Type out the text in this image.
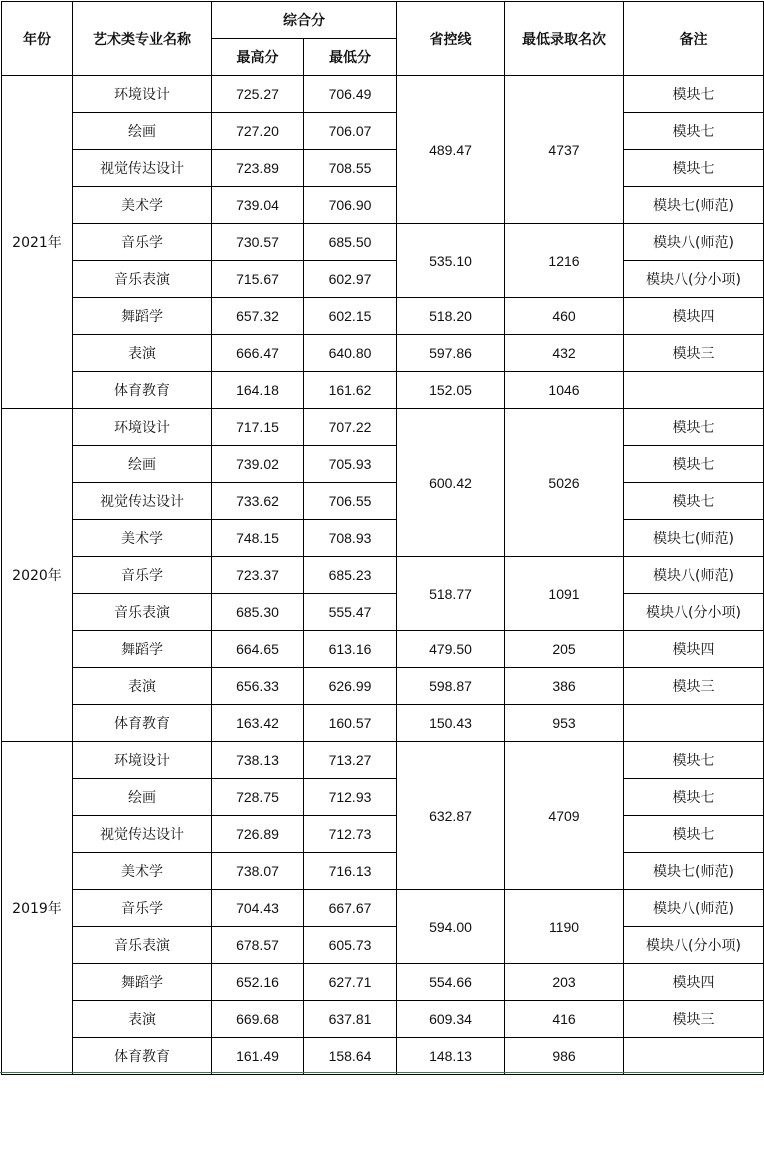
年份	艺术类专业名称	综合分		省控线	最低录取名次	备注
		最高分	最低分			
2021年	环境设计	725.27	706.49	489.47	4737	模块七
	绘画	727.20	706.07			模块七
	视觉传达设计	723.89	708.55			模块七
	美术学	739.04	706.90			模块七(师范)
	音乐学	730.57	685.50	535.10	1216	模块八(师范)
	音乐表演	715.67	602.97			模块八(分小项)
	舞蹈学	657.32	602.15	518.20	460	模块四
	表演	666.47	640.80	597.86	432	模块三
	体育教育	164.18	161.62	152.05	1046	
2020年	环境设计	717.15	707.22	600.42	5026	模块七
	绘画	739.02	705.93			模块七
	视觉传达设计	733.62	706.55			模块七
	美术学	748.15	708.93			模块七(师范)
	音乐学	723.37	685.23	518.77	1091	模块八(师范)
	音乐表演	685.30	555.47			模块八(分小项)
	舞蹈学	664.65	613.16	479.50	205	模块四
	表演	656.33	626.99	598.87	386	模块三
	体育教育	163.42	160.57	150.43	953	
2019年	环境设计	738.13	713.27	632.87	4709	模块七
	绘画	728.75	712.93			模块七
	视觉传达设计	726.89	712.73			模块七
	美术学	738.07	716.13			模块七(师范)
	音乐学	704.43	667.67	594.00	1190	模块八(师范)
	音乐表演	678.57	605.73			模块八(分小项)
	舞蹈学	652.16	627.71	554.66	203	模块四
	表演	669.68	637.81	609.34	416	模块三
	体育教育	161.49	158.64	148.13	986	
